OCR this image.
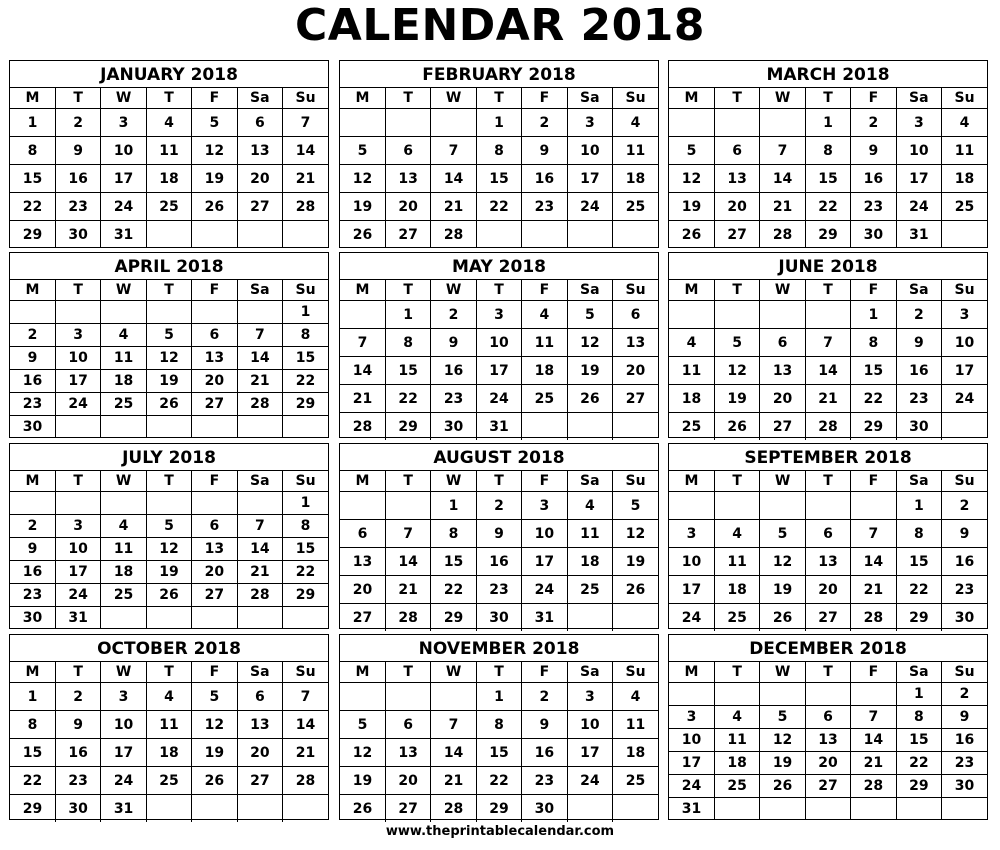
CALENDAR 2018
JANUARY 2018
M	T	W	T	F	Sa	Su
1	2	3	4	5	6	7
8	9	10	11	12	13	14
15	16	17	18	19	20	21
22	23	24	25	26	27	28
29	30	31				
FEBRUARY 2018
M	T	W	T	F	Sa	Su
			1	2	3	4
5	6	7	8	9	10	11
12	13	14	15	16	17	18
19	20	21	22	23	24	25
26	27	28				
MARCH 2018
M	T	W	T	F	Sa	Su
			1	2	3	4
5	6	7	8	9	10	11
12	13	14	15	16	17	18
19	20	21	22	23	24	25
26	27	28	29	30	31	
APRIL 2018
M	T	W	T	F	Sa	Su
						1
2	3	4	5	6	7	8
9	10	11	12	13	14	15
16	17	18	19	20	21	22
23	24	25	26	27	28	29
30						
MAY 2018
M	T	W	T	F	Sa	Su
	1	2	3	4	5	6
7	8	9	10	11	12	13
14	15	16	17	18	19	20
21	22	23	24	25	26	27
28	29	30	31			
JUNE 2018
M	T	W	T	F	Sa	Su
				1	2	3
4	5	6	7	8	9	10
11	12	13	14	15	16	17
18	19	20	21	22	23	24
25	26	27	28	29	30	
JULY 2018
M	T	W	T	F	Sa	Su
						1
2	3	4	5	6	7	8
9	10	11	12	13	14	15
16	17	18	19	20	21	22
23	24	25	26	27	28	29
30	31					
AUGUST 2018
M	T	W	T	F	Sa	Su
		1	2	3	4	5
6	7	8	9	10	11	12
13	14	15	16	17	18	19
20	21	22	23	24	25	26
27	28	29	30	31		
SEPTEMBER 2018
M	T	W	T	F	Sa	Su
					1	2
3	4	5	6	7	8	9
10	11	12	13	14	15	16
17	18	19	20	21	22	23
24	25	26	27	28	29	30
OCTOBER 2018
M	T	W	T	F	Sa	Su
1	2	3	4	5	6	7
8	9	10	11	12	13	14
15	16	17	18	19	20	21
22	23	24	25	26	27	28
29	30	31				
NOVEMBER 2018
M	T	W	T	F	Sa	Su
			1	2	3	4
5	6	7	8	9	10	11
12	13	14	15	16	17	18
19	20	21	22	23	24	25
26	27	28	29	30		
DECEMBER 2018
M	T	W	T	F	Sa	Su
					1	2
3	4	5	6	7	8	9
10	11	12	13	14	15	16
17	18	19	20	21	22	23
24	25	26	27	28	29	30
31						
www.theprintablecalendar.com
